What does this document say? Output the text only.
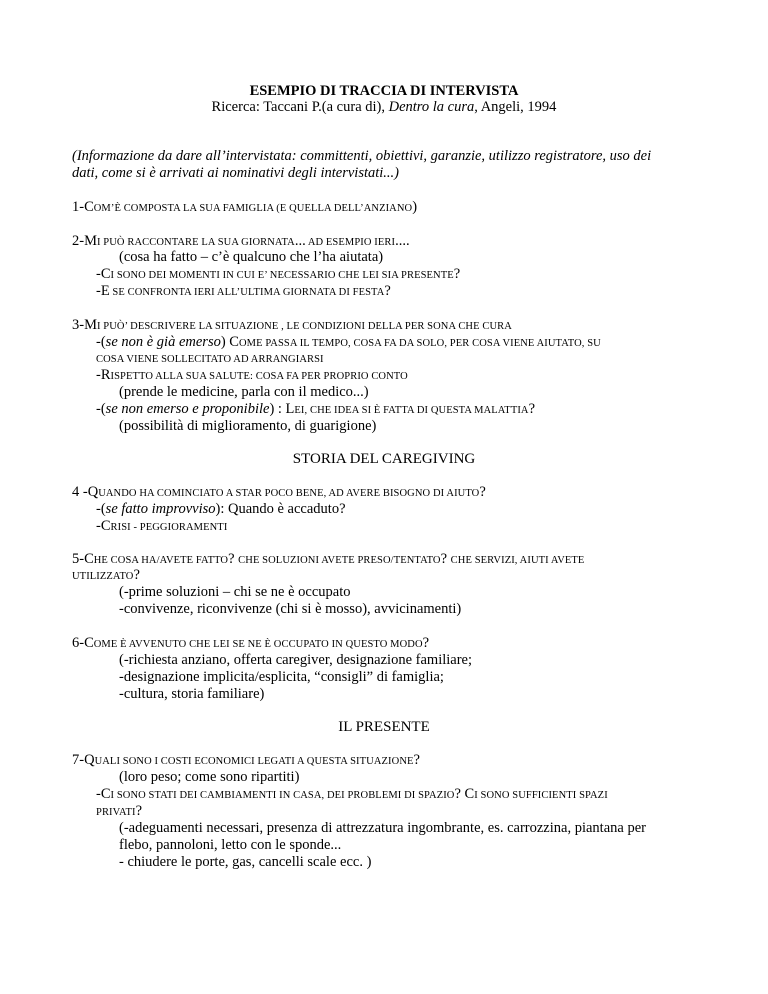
ESEMPIO DI TRACCIA DI INTERVISTA
Ricerca: Taccani P.(a cura di), Dentro la cura, Angeli, 1994
(Informazione da dare all’intervistata: committenti, obiettivi, garanzie, utilizzo registratore, uso dei
dati, come si è arrivati ai nominativi degli intervistati...)
1-COM’È COMPOSTA LA SUA FAMIGLIA (E QUELLA DELL’ANZIANO)
2-MI PUÒ RACCONTARE LA SUA GIORNATA... AD ESEMPIO IERI....
(cosa ha fatto – c’è qualcuno che l’ha aiutata)
-CI SONO DEI MOMENTI IN CUI E’ NECESSARIO CHE LEI SIA PRESENTE?
-E SE CONFRONTA IERI ALL’ULTIMA GIORNATA DI FESTA?
3-MI PUÒ’ DESCRIVERE LA SITUAZIONE , LE CONDIZIONI DELLA PER SONA CHE CURA
-(se non è già emerso) COME PASSA IL TEMPO, COSA FA DA SOLO, PER COSA VIENE AIUTATO, SU
COSA VIENE SOLLECITATO AD ARRANGIARSI
-RISPETTO ALLA SUA SALUTE: COSA FA PER PROPRIO CONTO
(prende le medicine, parla con il medico...)
-(se non emerso e proponibile) : LEI, CHE IDEA SI È FATTA DI QUESTA MALATTIA?
(possibilità di miglioramento, di guarigione)
STORIA DEL CAREGIVING
4 -QUANDO HA COMINCIATO A STAR POCO BENE, AD AVERE BISOGNO DI AIUTO?
-(se fatto improvviso): Quando è accaduto?
-CRISI - PEGGIORAMENTI
5-CHE COSA HA/AVETE FATTO? CHE SOLUZIONI AVETE PRESO/TENTATO? CHE SERVIZI, AIUTI AVETE
UTILIZZATO?
(-prime soluzioni – chi se ne è occupato
-convivenze, riconvivenze (chi si è mosso), avvicinamenti)
6-COME È AVVENUTO CHE LEI SE NE È OCCUPATO IN QUESTO MODO?
(-richiesta anziano, offerta caregiver, designazione familiare;
-designazione implicita/esplicita, “consigli” di famiglia;
-cultura, storia familiare)
IL PRESENTE
7-QUALI SONO I COSTI ECONOMICI LEGATI A QUESTA SITUAZIONE?
(loro peso; come sono ripartiti)
-CI SONO STATI DEI CAMBIAMENTI IN CASA, DEI PROBLEMI DI SPAZIO? CI SONO SUFFICIENTI SPAZI
PRIVATI?
(-adeguamenti necessari, presenza di attrezzatura ingombrante, es. carrozzina, piantana per
flebo, pannoloni, letto con le sponde...
- chiudere le porte, gas, cancelli scale ecc. )
